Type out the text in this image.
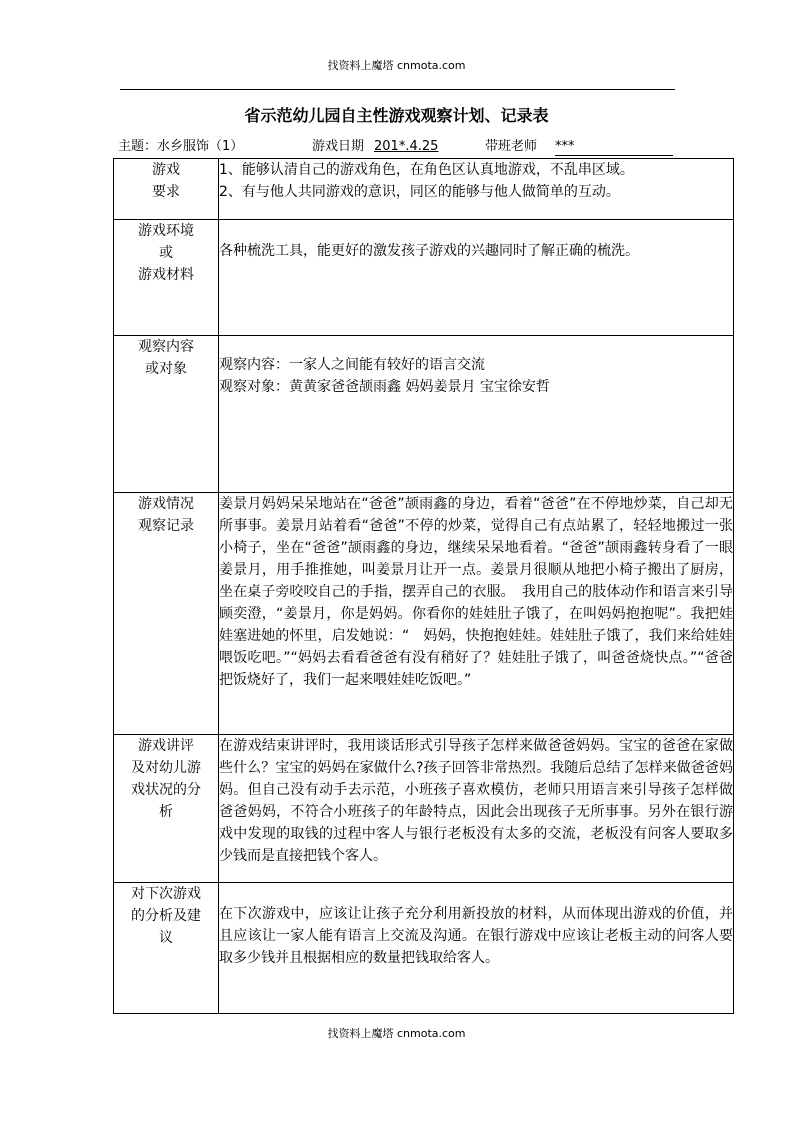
找资料上魔塔 cnmota.com
省示范幼儿园自主性游戏观察计划、记录表
主题：水乡服饰（1）	游戏日期 201*.4.25	带班老师 ***
游戏
要求	1、能够认清自己的游戏角色，在角色区认真地游戏，不乱串区域。
2、有与他人共同游戏的意识，同区的能够与他人做简单的互动。

游戏环境
或
游戏材料	各种梳洗工具，能更好的激发孩子游戏的兴趣同时了解正确的梳洗。

观察内容
或对象	观察内容：一家人之间能有较好的语言交流
观察对象：黄黄家爸爸颉雨鑫 妈妈姜景月 宝宝徐安哲

游戏情况
观察记录	姜景月妈妈呆呆地站在“爸爸”颉雨鑫的身边，看着“爸爸”在不停地炒菜，自己却无所事事。姜景月站着看“爸爸”不停的炒菜，觉得自己有点站累了，轻轻地搬过一张小椅子，坐在“爸爸”颉雨鑫的身边，继续呆呆地看着。“爸爸”颉雨鑫转身看了一眼姜景月，用手推推她，叫姜景月让开一点。姜景月很顺从地把小椅子搬出了厨房，坐在桌子旁咬咬自己的手指，摆弄自己的衣服。　我用自己的肢体动作和语言来引导顾奕澄，“姜景月，你是妈妈。你看你的娃娃肚子饿了，在叫妈妈抱抱呢”。我把娃娃塞进她的怀里，启发她说：“　妈妈，快抱抱娃娃。娃娃肚子饿了，我们来给娃娃喂饭吃吧。”“妈妈去看看爸爸有没有稍好了？娃娃肚子饿了，叫爸爸烧快点。”“爸爸把饭烧好了，我们一起来喂娃娃吃饭吧。”

游戏讲评
及对幼儿游
戏状况的分
析	在游戏结束讲评时，我用谈话形式引导孩子怎样来做爸爸妈妈。宝宝的爸爸在家做些什么？宝宝的妈妈在家做什么?孩子回答非常热烈。我随后总结了怎样来做爸爸妈妈。但自己没有动手去示范，小班孩子喜欢模仿，老师只用语言来引导孩子怎样做爸爸妈妈，不符合小班孩子的年龄特点，因此会出现孩子无所事事。另外在银行游戏中发现的取钱的过程中客人与银行老板没有太多的交流，老板没有问客人要取多少钱而是直接把钱个客人。

对下次游戏
的分析及建
议	在下次游戏中，应该让让孩子充分利用新投放的材料，从而体现出游戏的价值，并且应该让一家人能有语言上交流及沟通。在银行游戏中应该让老板主动的问客人要取多少钱并且根据相应的数量把钱取给客人。
找资料上魔塔 cnmota.com
